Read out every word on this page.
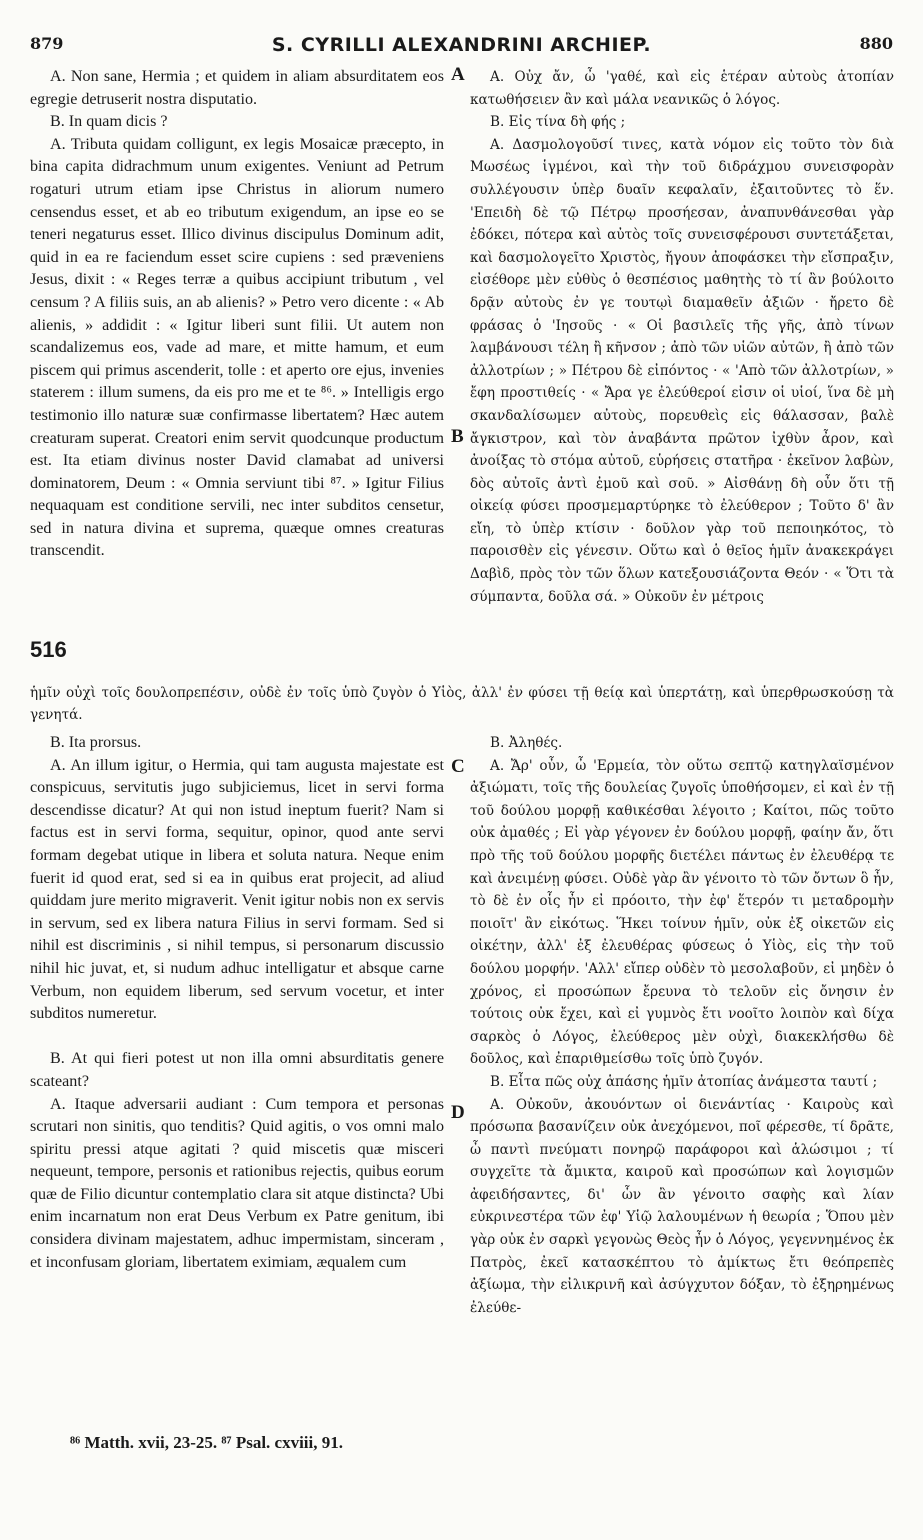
879	S. CYRILLI ALEXANDRINI ARCHIEP.	880
A
B
C
D
516

A. Non sane, Hermia ; et quidem in aliam absurditatem eos egregie detruserit nostra disputatio.

B. In quam dicis ?

A. Tributa quidam colligunt, ex legis Mosaicæ præcepto, in bina capita didrachmum unum exigentes. Veniunt ad Petrum rogaturi utrum etiam ipse Christus in aliorum numero censendus esset, et ab eo tributum exigendum, an ipse eo se teneri negaturus esset. Illico divinus discipulus Dominum adit, quid in ea re faciendum esset scire cupiens : sed præveniens Jesus, dixit : « Reges terræ a quibus accipiunt tributum , vel censum ? A filiis suis, an ab alienis? » Petro vero dicente : « Ab alienis, » addidit : « Igitur liberi sunt filii. Ut autem non scandalizemus eos, vade ad mare, et mitte hamum, et eum piscem qui primus ascenderit, tolle : et aperto ore ejus, invenies staterem : illum sumens, da eis pro me et te ⁸⁶. » Intelligis ergo testimonio illo naturæ suæ confirmasse libertatem? Hæc autem creaturam superat. Creatori enim servit quodcunque productum est. Ita etiam divinus noster David clamabat ad universi dominatorem, Deum : « Omnia serviunt tibi ⁸⁷. » Igitur Filius nequaquam est conditione servili, nec inter subditos censetur, sed in natura divina et suprema, quæque omnes creaturas transcendit.

A. Οὐχ ἄν, ὦ 'γαθέ, καὶ εἰς ἑτέραν αὐτοὺς ἀτοπίαν κατωθήσειεν ἂν καὶ μάλα νεανικῶς ὁ λόγος.

B. Εἰς τίνα δὴ φής ;

A. Δασμολογοῦσί τινες, κατὰ νόμον εἰς τοῦτο τὸν διὰ Μωσέως ἱγμένοι, καὶ τὴν τοῦ διδράχμου συνεισφορὰν συλλέγουσιν ὑπὲρ δυαῖν κεφαλαῖν, ἐξαιτοῦντες τὸ ἕν. 'Επειδὴ δὲ τῷ Πέτρῳ προσήεσαν, ἀναπυνθάνεσθαι γὰρ ἐδόκει, πότερα καὶ αὐτὸς τοῖς συνεισφέρουσι συντετάξεται, καὶ δασμολογεῖτο Χριστὸς, ἤγουν ἀποφάσκει τὴν εἴσπραξιν, εἰσέθορε μὲν εὐθὺς ὁ θεσπέσιος μαθητὴς τὸ τί ἂν βούλοιτο δρᾷν αὐτοὺς ἐν γε τουτῳὶ διαμαθεῖν ἀξιῶν · ἤρετο δὲ φράσας ὁ 'Ιησοῦς · « Οἱ βασιλεῖς τῆς γῆς, ἀπὸ τίνων λαμβάνουσι τέλη ἢ κῆνσον ; ἀπὸ τῶν υἱῶν αὐτῶν, ἢ ἀπὸ τῶν ἀλλοτρίων ; » Πέτρου δὲ εἰπόντος · « 'Απὸ τῶν ἀλλοτρίων, » ἔφη προστιθείς · « Ἄρα γε ἐλεύθεροί εἰσιν οἱ υἱοί, ἵνα δὲ μὴ σκανδαλίσωμεν αὐτοὺς, πορευθεὶς εἰς θάλασσαν, βαλὲ ἄγκιστρον, καὶ τὸν ἀναβάντα πρῶτον ἰχθὺν ἆρον, καὶ ἀνοίξας τὸ στόμα αὐτοῦ, εὑρήσεις στατῆρα · ἐκεῖνον λαβὼν, δὸς αὐτοῖς ἀντὶ ἐμοῦ καὶ σοῦ. » Αἰσθάνῃ δὴ οὖν ὅτι τῇ οἰκείᾳ φύσει προσμεμαρτύρηκε τὸ ἐλεύθερον ; Τοῦτο δ' ἂν εἴη, τὸ ὑπὲρ κτίσιν · δοῦλον γὰρ τοῦ πεποιηκότος, τὸ παροισθὲν εἰς γένεσιν. Οὕτω καὶ ὁ θεῖος ἡμῖν ἀνακεκράγει Δαβὶδ, πρὸς τὸν τῶν ὅλων κατεξουσιάζοντα Θεόν · « Ὅτι τὰ σύμπαντα, δοῦλα σά. » Οὐκοῦν ἐν μέτροις

ἡμῖν οὐχὶ τοῖς δουλοπρεπέσιν, οὐδὲ ἐν τοῖς ὑπὸ ζυγὸν ὁ Υἱὸς, ἀλλ' ἐν φύσει τῇ θείᾳ καὶ ὑπερτάτῃ, καὶ ὑπερθρωσκούσῃ τὰ γενητά.

B. Ita prorsus.

A. An illum igitur, o Hermia, qui tam augusta majestate est conspicuus, servitutis jugo subjiciemus, licet in servi forma descendisse dicatur? At qui non istud ineptum fuerit? Nam si factus est in servi forma, sequitur, opinor, quod ante servi formam degebat utique in libera et soluta natura. Neque enim fuerit id quod erat, sed si ea in quibus erat projecit, ad aliud quiddam jure merito migraverit. Venit igitur nobis non ex servis in servum, sed ex libera natura Filius in servi formam. Sed si nihil est discriminis , si nihil tempus, si personarum discussio nihil hic juvat, et, si nudum adhuc intelligatur et absque carne Verbum, non equidem liberum, sed servum vocetur, et inter subditos numeretur.

B. At qui fieri potest ut non illa omni absurditatis genere scateant?

A. Itaque adversarii audiant : Cum tempora et personas scrutari non sinitis, quo tenditis? Quid agitis, o vos omni malo spiritu pressi atque agitati ? quid miscetis quæ misceri nequeunt, tempore, personis et rationibus rejectis, quibus eorum quæ de Filio dicuntur contemplatio clara sit atque distincta? Ubi enim incarnatum non erat Deus Verbum ex Patre genitum, ibi considera divinam majestatem, adhuc impermistam, sinceram , et inconfusam gloriam, libertatem eximiam, æqualem cum

B. Ἀληθές.

A. Ἄρ' οὖν, ὦ 'Ερμεία, τὸν οὕτω σεπτῷ κατηγλαϊσμένον ἀξιώματι, τοῖς τῆς δουλείας ζυγοῖς ὑποθήσομεν, εἰ καὶ ἐν τῇ τοῦ δούλου μορφῇ καθικέσθαι λέγοιτο ; Καίτοι, πῶς τοῦτο οὐκ ἀμαθές ; Εἰ γὰρ γέγονεν ἐν δούλου μορφῇ, φαίην ἄν, ὅτι πρὸ τῆς τοῦ δούλου μορφῆς διετέλει πάντως ἐν ἐλευθέρᾳ τε καὶ ἀνειμένῃ φύσει. Οὐδὲ γὰρ ἂν γένοιτο τὸ τῶν ὄντων ὃ ἦν, τὸ δὲ ἐν οἷς ἦν εἰ πρόοιτο, τὴν ἐφ' ἕτερόν τι μεταδρομὴν ποιοῖτ' ἂν εἰκότως. Ἥκει τοίνυν ἡμῖν, οὐκ ἐξ οἰκετῶν εἰς οἰκέτην, ἀλλ' ἐξ ἐλευθέρας φύσεως ὁ Υἱὸς, εἰς τὴν τοῦ δούλου μορφήν. 'Αλλ' εἴπερ οὐδὲν τὸ μεσολαβοῦν, εἰ μηδὲν ὁ χρόνος, εἰ προσώπων ἔρευνα τὸ τελοῦν εἰς ὄνησιν ἐν τούτοις οὐκ ἔχει, καὶ εἰ γυμνὸς ἔτι νοοῖτο λοιπὸν καὶ δίχα σαρκὸς ὁ Λόγος, ἐλεύθερος μὲν οὐχὶ, διακεκλήσθω δὲ δοῦλος, καὶ ἐπαριθμείσθω τοῖς ὑπὸ ζυγόν.

B. Εἶτα πῶς οὐχ ἁπάσης ἡμῖν ἀτοπίας ἀνάμεστα ταυτί ;

A. Οὐκοῦν, ἀκουόντων οἱ διενάντίας · Καιροὺς καὶ πρόσωπα βασανίζειν οὐκ ἀνεχόμενοι, ποῖ φέρεσθε, τί δρᾶτε, ὦ παντὶ πνεύματι πονηρῷ παράφοροι καὶ ἁλώσιμοι ; τί συγχεῖτε τὰ ἄμικτα, καιροῦ καὶ προσώπων καὶ λογισμῶν ἀφειδήσαντες, δι' ὧν ἂν γένοιτο σαφὴς καὶ λίαν εὐκρινεστέρα τῶν ἐφ' Υἱῷ λαλουμένων ἡ θεωρία ; Ὅπου μὲν γὰρ οὐκ ἐν σαρκὶ γεγονὼς Θεὸς ἦν ὁ Λόγος, γεγεννημένος ἐκ Πατρὸς, ἐκεῖ κατασκέπτου τὸ ἀμίκτως ἔτι θεόπρεπὲς ἀξίωμα, τὴν εἰλικρινῆ καὶ ἀσύγχυτον δόξαν, τὸ ἐξηρημένως ἐλεύθε-

⁸⁶ Matth. xvii, 23-25. ⁸⁷ Psal. cxviii, 91.
